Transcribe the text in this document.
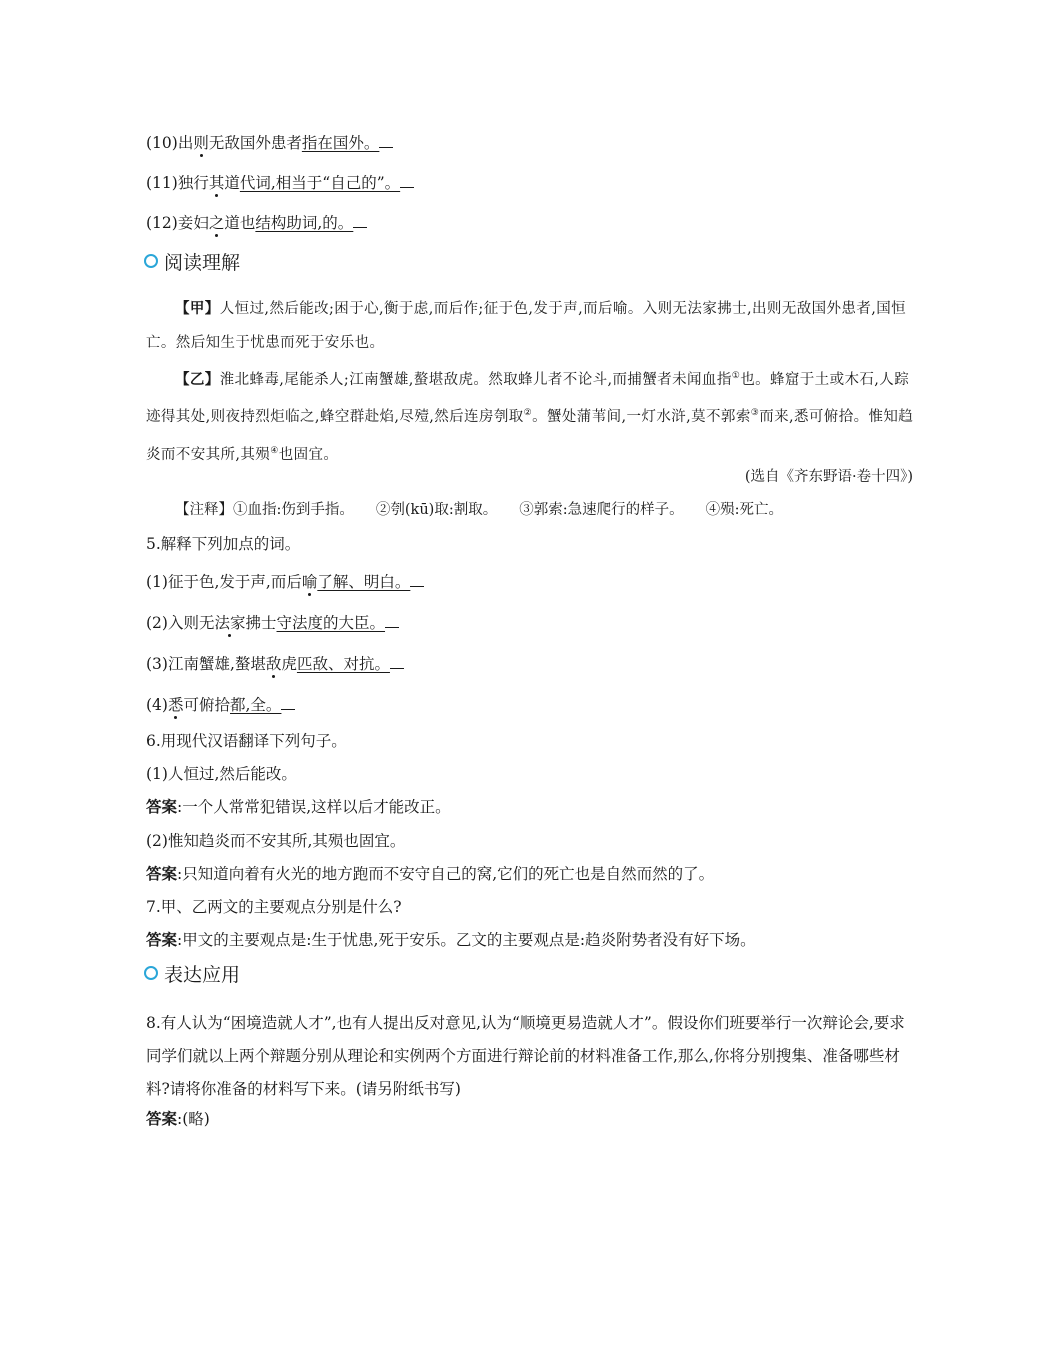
(10)出则无敌国外患者指在国外。
(11)独行其道代词,相当于“自己的”。
(12)妾妇之道也结构助词,的。
阅读理解

【甲】人恒过,然后能改;困于心,衡于虑,而后作;征于色,发于声,而后喻。入则无法家拂士,出则无敌国外患者,国恒亡。然后知生于忧患而死于安乐也。

【乙】淮北蜂毒,尾能杀人;江南蟹雄,螯堪敌虎。然取蜂儿者不论斗,而捕蟹者未闻血指①也。蜂窟于土或木石,人踪迹得其处,则夜持烈炬临之,蜂空群赴焰,尽殪,然后连房刳取②。蟹处蒲苇间,一灯水浒,莫不郭索③而来,悉可俯拾。惟知趋炎而不安其所,其殒④也固宜。

(选自《齐东野语·卷十四》)
【注释】①血指:伤到手指。 ②刳(kū)取:割取。 ③郭索:急速爬行的样子。 ④殒:死亡。
5.解释下列加点的词。
(1)征于色,发于声,而后喻了解、明白。
(2)入则无法家拂士守法度的大臣。
(3)江南蟹雄,螯堪敌虎匹敌、对抗。
(4)悉可俯拾都,全。
6.用现代汉语翻译下列句子。
(1)人恒过,然后能改。
答案:一个人常常犯错误,这样以后才能改正。
(2)惟知趋炎而不安其所,其殒也固宜。
答案:只知道向着有火光的地方跑而不安守自己的窝,它们的死亡也是自然而然的了。
7.甲、乙两文的主要观点分别是什么?
答案:甲文的主要观点是:生于忧患,死于安乐。乙文的主要观点是:趋炎附势者没有好下场。
表达应用

8.有人认为“困境造就人才”,也有人提出反对意见,认为“顺境更易造就人才”。假设你们班要举行一次辩论会,要求同学们就以上两个辩题分别从理论和实例两个方面进行辩论前的材料准备工作,那么,你将分别搜集、准备哪些材料?请将你准备的材料写下来。(请另附纸书写)

答案:(略)
